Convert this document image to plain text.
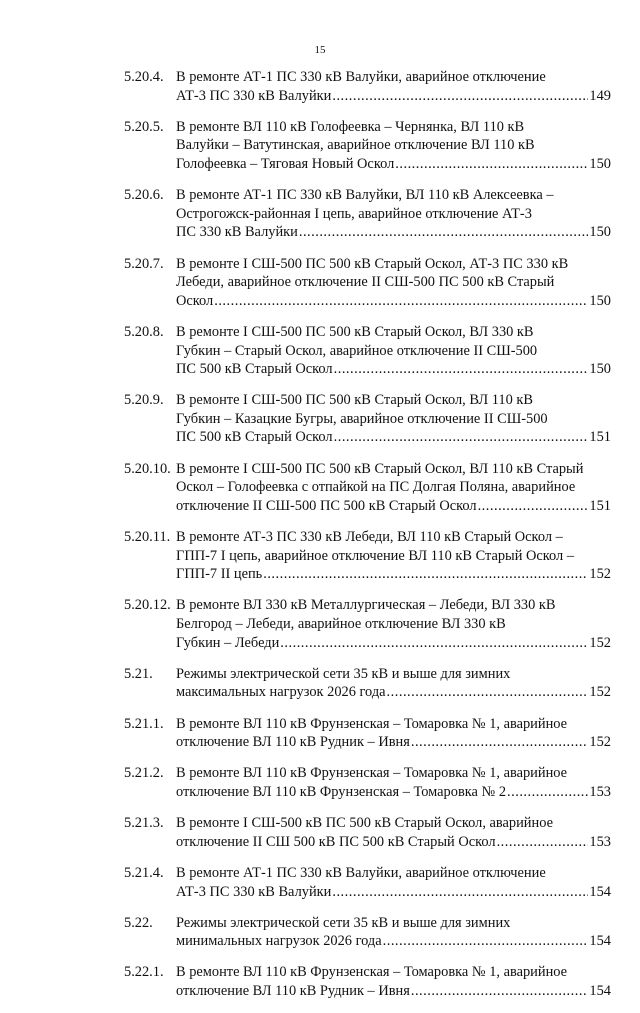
15
5.20.4. В ремонте АТ-1 ПС 330 кВ Валуйки, аварийное отключение
АТ-3 ПС 330 кВ Валуйки .....	149
5.20.5. В ремонте ВЛ 110 кВ Голофеевка – Чернянка, ВЛ 110 кВ
Валуйки – Ватутинская, аварийное отключение ВЛ 110 кВ
Голофеевка – Тяговая Новый Оскол .....	150
5.20.6. В ремонте АТ-1 ПС 330 кВ Валуйки, ВЛ 110 кВ Алексеевка –
Острогожск-районная I цепь, аварийное отключение АТ-3
ПС 330 кВ Валуйки .....	150
5.20.7. В ремонте I СШ-500 ПС 500 кВ Старый Оскол, АТ-3 ПС 330 кВ
Лебеди, аварийное отключение II СШ-500 ПС 500 кВ Старый
Оскол .....	150
5.20.8. В ремонте I СШ-500 ПС 500 кВ Старый Оскол, ВЛ 330 кВ
Губкин – Старый Оскол, аварийное отключение II СШ-500
ПС 500 кВ Старый Оскол .....	150
5.20.9. В ремонте I СШ-500 ПС 500 кВ Старый Оскол, ВЛ 110 кВ
Губкин – Казацкие Бугры, аварийное отключение II СШ-500
ПС 500 кВ Старый Оскол .....	151
5.20.10. В ремонте I СШ-500 ПС 500 кВ Старый Оскол, ВЛ 110 кВ Старый
Оскол – Голофеевка с отпайкой на ПС Долгая Поляна, аварийное
отключение II СШ-500 ПС 500 кВ Старый Оскол .....	151
5.20.11. В ремонте АТ-3 ПС 330 кВ Лебеди, ВЛ 110 кВ Старый Оскол –
ГПП-7 I цепь, аварийное отключение ВЛ 110 кВ Старый Оскол –
ГПП-7 II цепь .....	152
5.20.12. В ремонте ВЛ 330 кВ Металлургическая – Лебеди, ВЛ 330 кВ
Белгород – Лебеди, аварийное отключение ВЛ 330 кВ
Губкин – Лебеди .....	152
5.21.	Режимы электрической сети 35 кВ и выше для зимних
максимальных нагрузок 2026 года .....	152
5.21.1. В ремонте ВЛ 110 кВ Фрунзенская – Томаровка № 1, аварийное
отключение ВЛ 110 кВ Рудник – Ивня .....	152
5.21.2. В ремонте ВЛ 110 кВ Фрунзенская – Томаровка № 1, аварийное
отключение ВЛ 110 кВ Фрунзенская – Томаровка № 2 .....	153
5.21.3. В ремонте I СШ-500 кВ ПС 500 кВ Старый Оскол, аварийное
отключение II СШ 500 кВ ПС 500 кВ Старый Оскол .....	153
5.21.4. В ремонте АТ-1 ПС 330 кВ Валуйки, аварийное отключение
АТ-3 ПС 330 кВ Валуйки .....	154
5.22.	Режимы электрической сети 35 кВ и выше для зимних
минимальных нагрузок 2026 года .....	154
5.22.1. В ремонте ВЛ 110 кВ Фрунзенская – Томаровка № 1, аварийное
отключение ВЛ 110 кВ Рудник – Ивня .....	154
